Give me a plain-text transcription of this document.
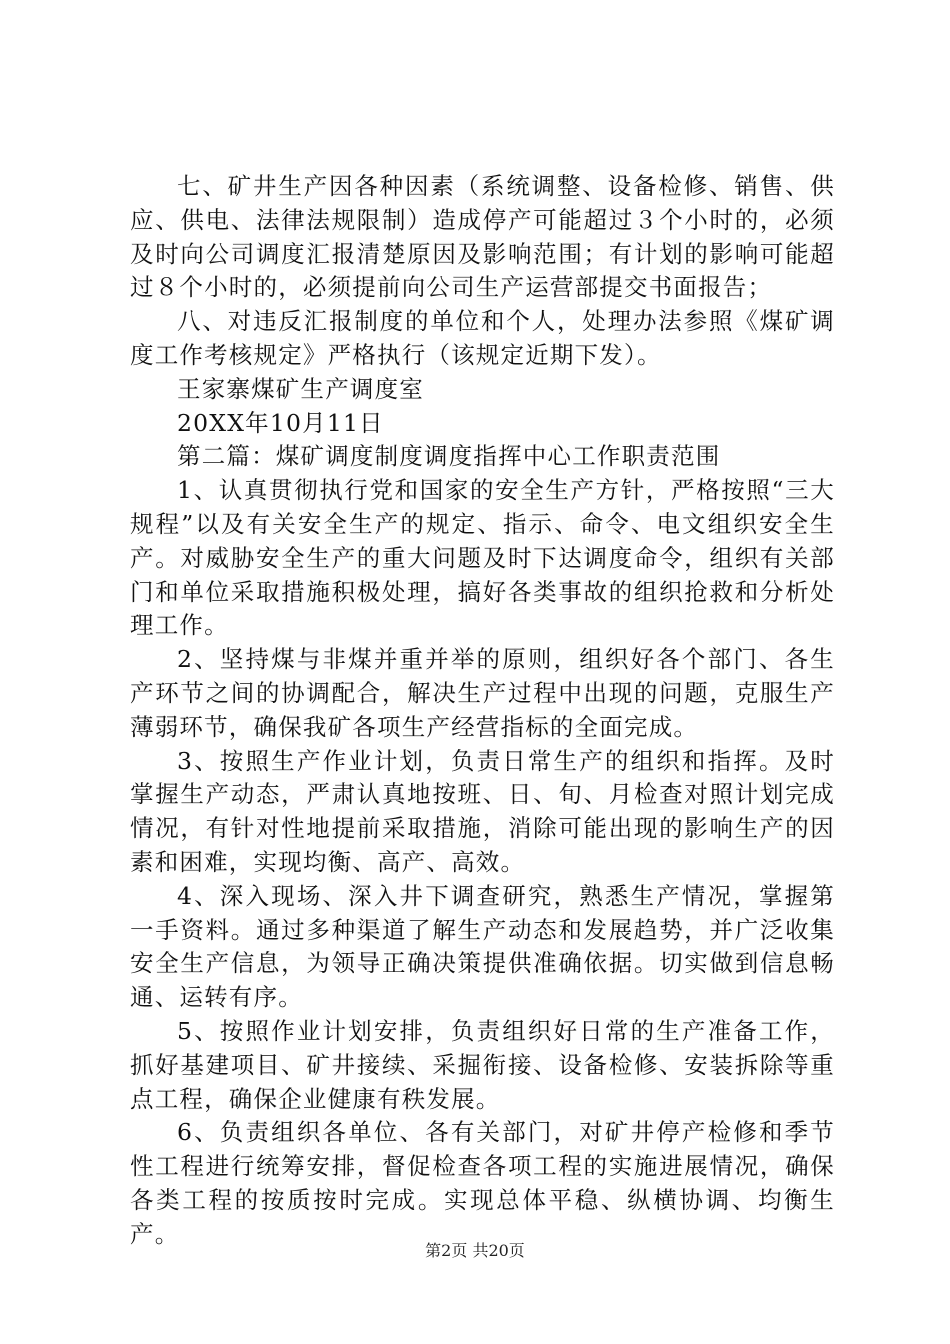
七、矿井生产因各种因素（系统调整、设备检修、销售、供应、供电、法律法规限制）造成停产可能超过３个小时的，必须及时向公司调度汇报清楚原因及影响范围；有计划的影响可能超过８个小时的，必须提前向公司生产运营部提交书面报告；

八、对违反汇报制度的单位和个人，处理办法参照《煤矿调度工作考核规定》严格执行（该规定近期下发）。

王家寨煤矿生产调度室

20XX年10月11日

第二篇：煤矿调度制度调度指挥中心工作职责范围

1、认真贯彻执行党和国家的安全生产方针，严格按照“三大规程”以及有关安全生产的规定、指示、命令、电文组织安全生产。对威胁安全生产的重大问题及时下达调度命令，组织有关部门和单位采取措施积极处理，搞好各类事故的组织抢救和分析处理工作。

2、坚持煤与非煤并重并举的原则，组织好各个部门、各生产环节之间的协调配合，解决生产过程中出现的问题，克服生产薄弱环节，确保我矿各项生产经营指标的全面完成。

3、按照生产作业计划，负责日常生产的组织和指挥。及时掌握生产动态，严肃认真地按班、日、旬、月检查对照计划完成情况，有针对性地提前采取措施，消除可能出现的影响生产的因素和困难，实现均衡、高产、高效。

4、深入现场、深入井下调查研究，熟悉生产情况，掌握第一手资料。通过多种渠道了解生产动态和发展趋势，并广泛收集安全生产信息，为领导正确决策提供准确依据。切实做到信息畅通、运转有序。

5、按照作业计划安排，负责组织好日常的生产准备工作，抓好基建项目、矿井接续、采掘衔接、设备检修、安装拆除等重点工程，确保企业健康有秩发展。

6、负责组织各单位、各有关部门，对矿井停产检修和季节性工程进行统筹安排，督促检查各项工程的实施进展情况，确保各类工程的按质按时完成。实现总体平稳、纵横协调、均衡生产。

第2页 共20页
